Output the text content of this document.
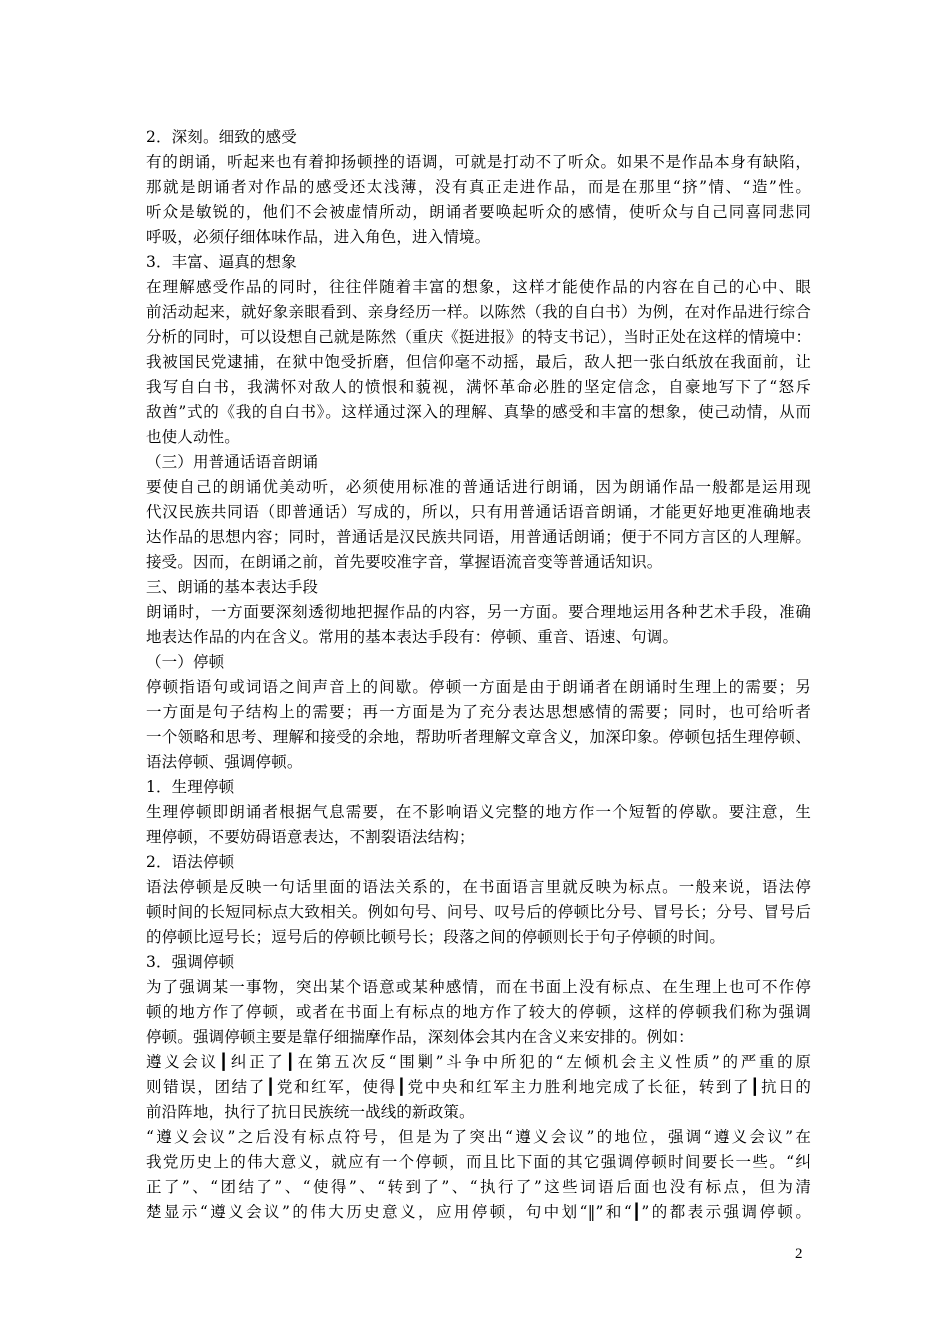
2．深刻。细致的感受
有的朗诵，听起来也有着抑扬顿挫的语调，可就是打动不了听众。如果不是作品本身有缺陷，
那就是朗诵者对作品的感受还太浅薄，没有真正走进作品，而是在那里“挤”情、“造”性。
听众是敏锐的，他们不会被虚情所动，朗诵者要唤起听众的感情，使听众与自己同喜同悲同
呼吸，必须仔细体味作品，进入角色，进入情境。
3．丰富、逼真的想象
在理解感受作品的同时，往往伴随着丰富的想象，这样才能使作品的内容在自己的心中、眼
前活动起来，就好象亲眼看到、亲身经历一样。以陈然（我的自白书）为例，在对作品进行综合
分析的同时，可以设想自己就是陈然（重庆《挺进报》的特支书记），当时正处在这样的情境中：
我被国民党逮捕，在狱中饱受折磨，但信仰毫不动摇，最后，敌人把一张白纸放在我面前，让
我写自白书，我满怀对敌人的愤恨和藐视，满怀革命必胜的坚定信念，自豪地写下了“怒斥
敌酋”式的《我的自白书》。这样通过深入的理解、真挚的感受和丰富的想象，使己动情，从而
也使人动性。
（三）用普通话语音朗诵
要使自己的朗诵优美动听，必须使用标准的普通话进行朗诵，因为朗诵作品一般都是运用现
代汉民族共同语（即普通话）写成的，所以，只有用普通话语音朗诵，才能更好地更准确地表
达作品的思想内容；同时，普通话是汉民族共同语，用普通话朗诵；便于不同方言区的人理解。
接受。因而，在朗诵之前，首先要咬准字音，掌握语流音变等普通话知识。
三、朗诵的基本表达手段
朗诵时，一方面要深刻透彻地把握作品的内容，另一方面。要合理地运用各种艺术手段，准确
地表达作品的内在含义。常用的基本表达手段有：停顿、重音、语速、句调。
（一）停顿
停顿指语句或词语之间声音上的间歇。停顿一方面是由于朗诵者在朗诵时生理上的需要；另
一方面是句子结构上的需要；再一方面是为了充分表达思想感情的需要；同时，也可给听者
一个领略和思考、理解和接受的余地，帮助听者理解文章含义，加深印象。停顿包括生理停顿、
语法停顿、强调停顿。
1．生理停顿
生理停顿即朗诵者根据气息需要，在不影响语义完整的地方作一个短暂的停歇。要注意，生
理停顿，不要妨碍语意表达，不割裂语法结构；
2．语法停顿
语法停顿是反映一句话里面的语法关系的，在书面语言里就反映为标点。一般来说，语法停
顿时间的长短同标点大致相关。例如句号、问号、叹号后的停顿比分号、冒号长；分号、冒号后
的停顿比逗号长；逗号后的停顿比顿号长；段落之间的停顿则长于句子停顿的时间。
3．强调停顿
为了强调某一事物，突出某个语意或某种感情，而在书面上没有标点、在生理上也可不作停
顿的地方作了停顿，或者在书面上有标点的地方作了较大的停顿，这样的停顿我们称为强调
停顿。强调停顿主要是靠仔细揣摩作品，深刻体会其内在含义来安排的。例如：
遵义会议┃纠正了┃在第五次反“围剿”斗争中所犯的“左倾机会主义性质”的严重的原
则错误，团结了┃党和红军，使得┃党中央和红军主力胜利地完成了长征，转到了┃抗日的
前沿阵地，执行了抗日民族统一战线的新政策。
“遵义会议”之后没有标点符号，但是为了突出“遵义会议”的地位，强调“遵义会议”在
我党历史上的伟大意义，就应有一个停顿，而且比下面的其它强调停顿时间要长一些。“纠
正了”、“团结了”、“使得”、“转到了”、“执行了”这些词语后面也没有标点，但为清
楚显示“遵义会议”的伟大历史意义，应用停顿，句中划“‖”和“┃”的都表示强调停顿。
2
